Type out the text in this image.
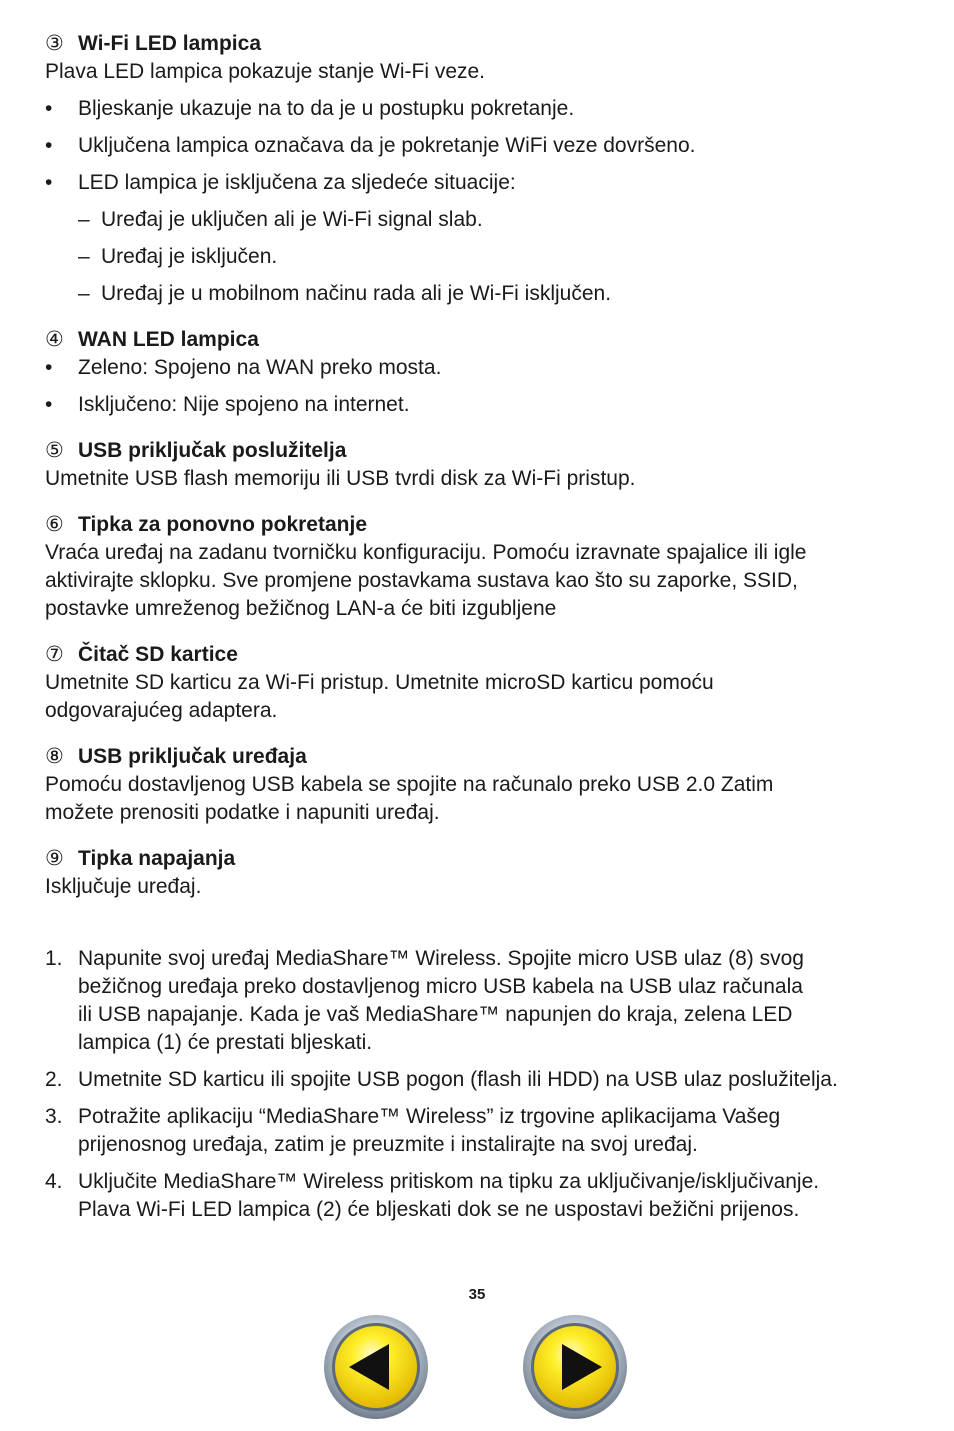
③ Wi-Fi LED lampica
Plava LED lampica pokazuje stanje Wi-Fi veze.
• Bljeskanje ukazuje na to da je u postupku pokretanje.
• Uključena lampica označava da je pokretanje WiFi veze dovršeno.
• LED lampica je isključena za sljedeće situacije:
– Uređaj je uključen ali je Wi-Fi signal slab.
– Uređaj je isključen.
– Uređaj je u mobilnom načinu rada ali je Wi-Fi isključen.
④ WAN LED lampica
• Zeleno: Spojeno na WAN preko mosta.
• Isključeno: Nije spojeno na internet.
⑤ USB priključak poslužitelja
Umetnite USB flash memoriju ili USB tvrdi disk za Wi-Fi pristup.
⑥ Tipka za ponovno pokretanje
Vraća uređaj na zadanu tvorničku konfiguraciju. Pomoću izravnate spajalice ili igle
aktivirajte sklopku. Sve promjene postavkama sustava kao što su zaporke, SSID,
postavke umreženog bežičnog LAN-a će biti izgubljene
⑦ Čitač SD kartice
Umetnite SD karticu za Wi-Fi pristup. Umetnite microSD karticu pomoću
odgovarajućeg adaptera.
⑧ USB priključak uređaja
Pomoću dostavljenog USB kabela se spojite na računalo preko USB 2.0 Zatim
možete prenositi podatke i napuniti uređaj.
⑨ Tipka napajanja
Isključuje uređaj.
1. Napunite svoj uređaj MediaShare™ Wireless. Spojite micro USB ulaz (8) svog
bežičnog uređaja preko dostavljenog micro USB kabela na USB ulaz računala
ili USB napajanje. Kada je vaš MediaShare™ napunjen do kraja, zelena LED
lampica (1) će prestati bljeskati.
2. Umetnite SD karticu ili spojite USB pogon (flash ili HDD) na USB ulaz poslužitelja.
3. Potražite aplikaciju “MediaShare™ Wireless” iz trgovine aplikacijama Vašeg
prijenosnog uređaja, zatim je preuzmite i instalirajte na svoj uređaj.
4. Uključite MediaShare™ Wireless pritiskom na tipku za uključivanje/isključivanje.
Plava Wi-Fi LED lampica (2) će bljeskati dok se ne uspostavi bežični prijenos.
35
